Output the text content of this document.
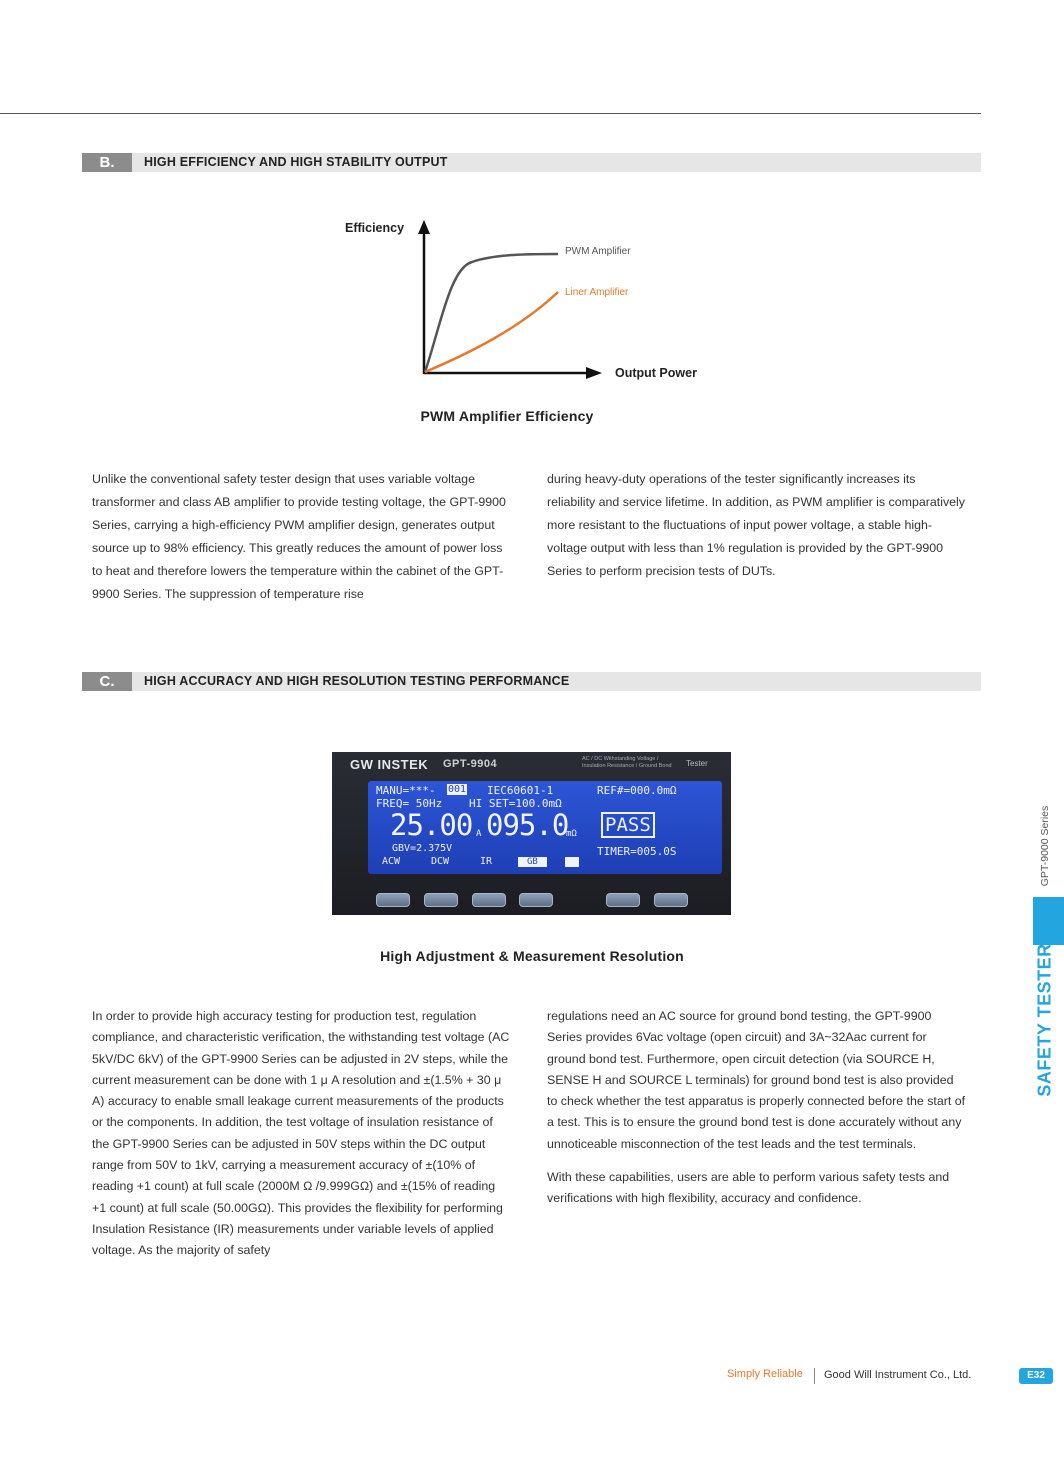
B.	HIGH EFFICIENCY AND HIGH STABILITY OUTPUT
Efficiency
Output Power
PWM Amplifier
Liner Amplifier
PWM Amplifier Efficiency

Unlike the conventional safety tester design that uses variable voltage transformer and class AB amplifier to provide testing voltage, the GPT-9900 Series, carrying a high-efficiency PWM amplifier design, generates output source up to 98% efficiency. This greatly reduces the amount of power loss to heat and therefore lowers the temperature within the cabinet of the GPT-9900 Series. The suppression of temperature rise

during heavy-duty operations of the tester significantly increases its reliability and service lifetime. In addition, as PWM amplifier is comparatively more resistant to the fluctuations of input power voltage, a stable high-voltage output with less than 1% regulation is provided by the GPT-9900 Series to perform precision tests of DUTs.

C.	HIGH ACCURACY AND HIGH RESOLUTION TESTING PERFORMANCE
GW INSTEK GPT-9904	AC / DC Withstanding Voltage / Insulation Resistance / Ground Bond	Tester
MANU=***- 001 IEC60601-1	REF#=000.0mΩ
FREQ= 50Hz HI SET=100.0mΩ
25.00 A 095.0
mΩ PASS
GBV=2.375V	TIMER=005.0S
ACW	DCW	IR	GB
High Adjustment & Measurement Resolution

In order to provide high accuracy testing for production test, regulation compliance, and characteristic verification, the withstanding test voltage (AC 5kV/DC 6kV) of the GPT-9900 Series can be adjusted in 2V steps, while the current measurement can be done with 1 μ A resolution and ±(1.5% + 30 μ A) accuracy to enable small leakage current measurements of the products or the components. In addition, the test voltage of insulation resistance of the GPT-9900 Series can be adjusted in 50V steps within the DC output range from 50V to 1kV, carrying a measurement accuracy of ±(10% of reading +1 count) at full scale (2000M Ω /9.999GΩ) and ±(15% of reading +1 count) at full scale (50.00GΩ). This provides the flexibility for performing Insulation Resistance (IR) measurements under variable levels of applied voltage. As the majority of safety

regulations need an AC source for ground bond testing, the GPT-9900 Series provides 6Vac voltage (open circuit) and 3A~32Aac current for ground bond test. Furthermore, open circuit detection (via SOURCE H, SENSE H and SOURCE L terminals) for ground bond test is also provided to check whether the test apparatus is properly connected before the start of a test. This is to ensure the ground bond test is done accurately without any unnoticeable misconnection of the test leads and the test terminals.

With these capabilities, users are able to perform various safety tests and verifications with high flexibility, accuracy and confidence.

GPT-9000 Series
SAFETY TESTER
Simply Reliable Good Will Instrument Co., Ltd.	E32
